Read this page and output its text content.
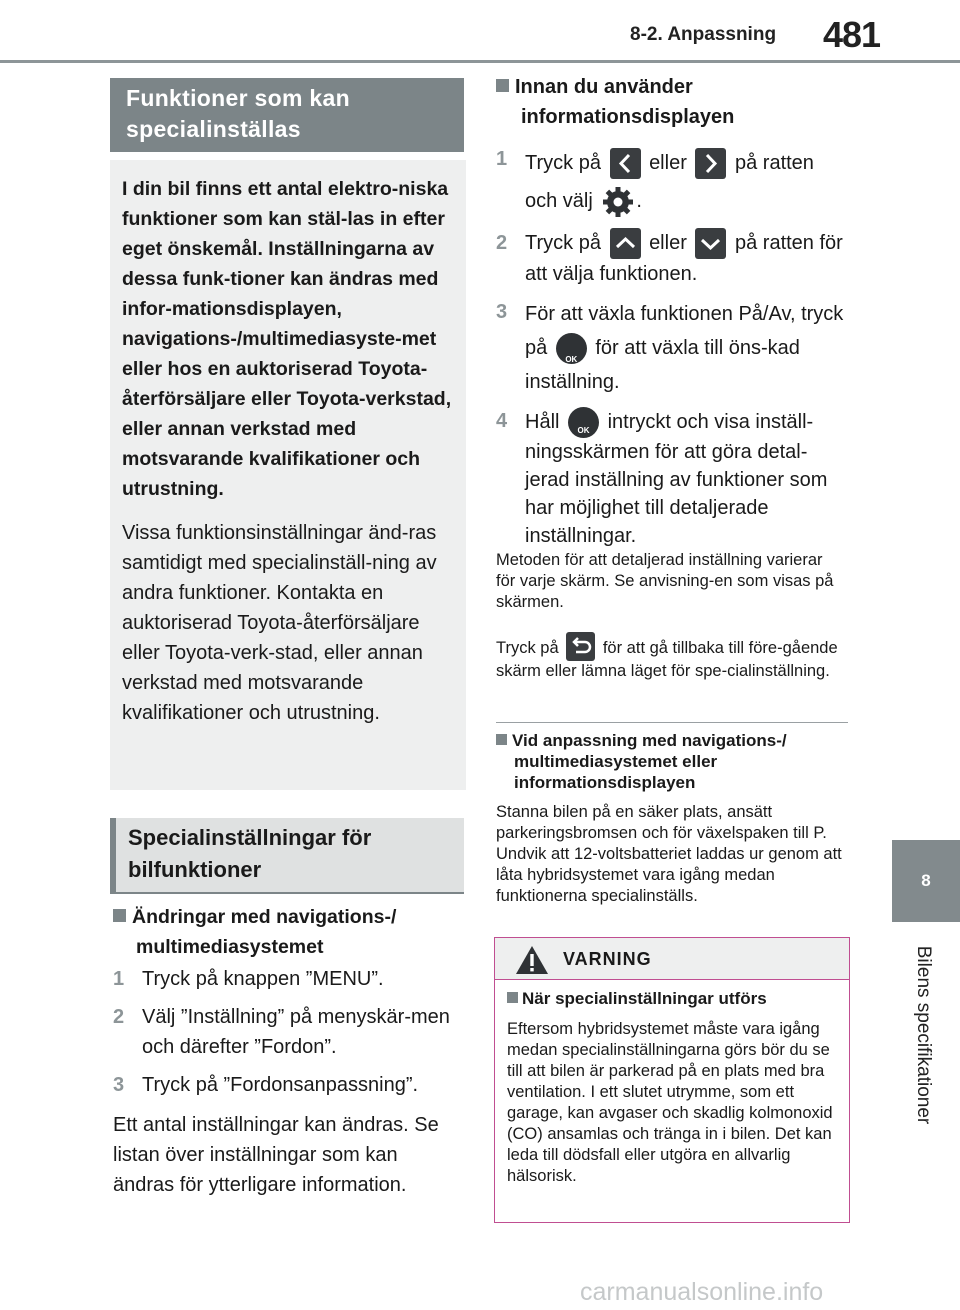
8-2. Anpassning 481
8
Bilens specifikationer
Funktioner som kan specialinställas

I din bil finns ett antal elektro-niska funktioner som kan stäl-las in efter eget önskemål. Inställningarna av dessa funk-tioner kan ändras med infor-mationsdisplayen, navigations-/multimediasyste-met eller hos en auktoriserad Toyota-återförsäljare eller Toyota-verkstad, eller annan verkstad med motsvarande kvalifikationer och utrustning.

Vissa funktionsinställningar änd-ras samtidigt med specialinställ-ning av andra funktioner. Kontakta en auktoriserad Toyota-återförsäljare eller Toyota-verk-stad, eller annan verkstad med motsvarande kvalifikationer och utrustning.

Specialinställningar för bilfunktioner
Ändringar med navigations-/ multimediasystemet
1 Tryck på knappen ”MENU”.
2 Välj ”Inställning” på menyskär-men och därefter ”Fordon”.
3 Tryck på ”Fordonsanpassning”.

Ett antal inställningar kan ändras. Se listan över inställningar som kan ändras för ytterligare information.

Innan du använder informationsdisplayen
1 Tryck på eller på ratten och välj .
2 Tryck på eller på ratten för att välja funktionen.
3 För att växla funktionen På/Av, tryck på
OK
för att växla till öns-kad inställning.
4 Håll	OK intryckt och visa inställ-ningsskärmen för att göra detal-jerad inställning av funktioner som har möjlighet till detaljerade inställningar.

Metoden för att detaljerad inställning varierar för varje skärm. Se anvisning-en som visas på skärmen.

Tryck på	för att gå tillbaka till före-gående skärm eller lämna läget för spe-cialinställning.

Vid anpassning med navigations-/ multimediasystemet eller informationsdisplayen

Stanna bilen på en säker plats, ansätt parkeringsbromsen och för växelspaken till P. Undvik att 12-voltsbatteriet laddas ur genom att låta hybridsystemet vara igång medan funktionerna specialinställs.

VARNING
När specialinställningar utförs

Eftersom hybridsystemet måste vara igång medan specialinställningarna görs bör du se till att bilen är parkerad på en plats med bra ventilation. I ett slutet utrymme, som ett garage, kan avgaser och skadlig kolmonoxid (CO) ansamlas och tränga in i bilen. Det kan leda till dödsfall eller utgöra en allvarlig hälsorisk.

carmanualsonline.info
